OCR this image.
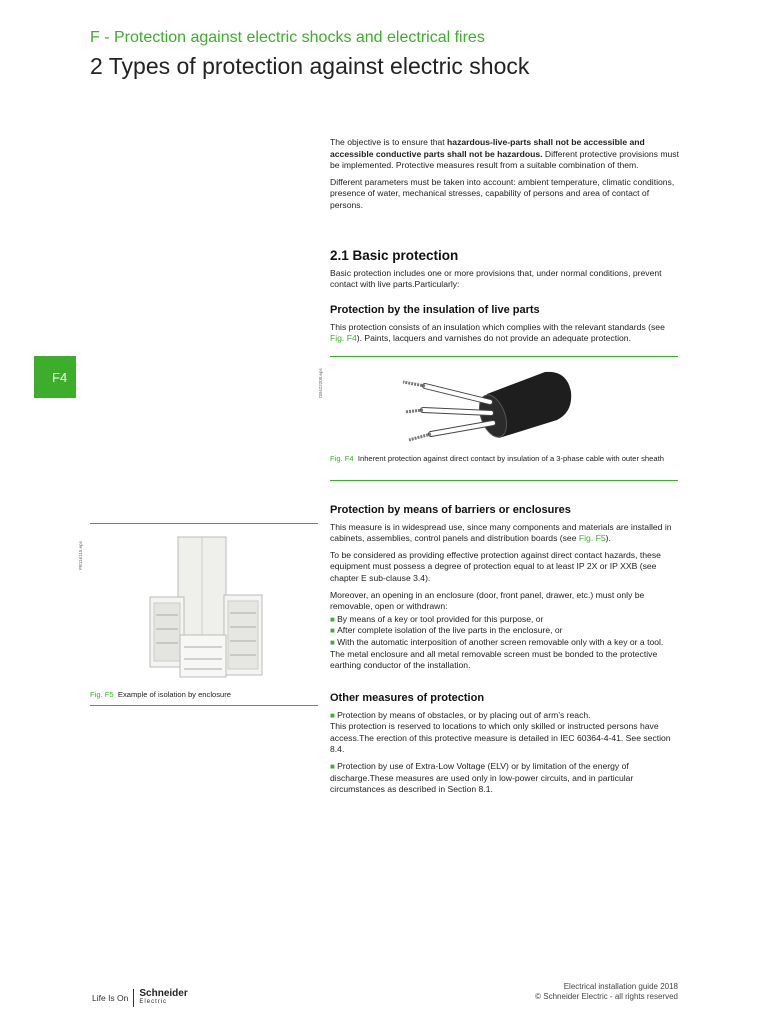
F - Protection against electric shocks and electrical fires
2 Types of protection against electric shock
F4

The objective is to ensure that hazardous-live-parts shall not be accessible and accessible conductive parts shall not be hazardous. Different protective provisions must be implemented. Protective measures result from a suitable combination of them.

Different parameters must be taken into account: ambient temperature, climatic conditions, presence of water, mechanical stresses, capability of persons and area of contact of persons.

2.1 Basic protection

Basic protection includes one or more provisions that, under normal conditions, prevent contact with live parts.Particularly:

Protection by the insulation of live parts

This protection consists of an insulation which complies with the relevant standards (see Fig. F4). Paints, lacquers and varnishes do not provide an adequate protection.

DB422205.eps
Fig. F4 Inherent protection against direct contact by insulation of a 3-phase cable with outer sheath
Protection by means of barriers or enclosures

This measure is in widespread use, since many components and materials are installed in cabinets, assemblies, control panels and distribution boards (see Fig. F5).

To be considered as providing effective protection against direct contact hazards, these equipment must possess a degree of protection equal to at least IP 2X or IP XXB (see chapter E sub-clause 3.4).

Moreover, an opening in an enclosure (door, front panel, drawer, etc.) must only be removable, open or withdrawn:

■ By means of a key or tool provided for this purpose, or
■ After complete isolation of the live parts in the enclosure, or
■ With the automatic interposition of another screen removable only with a key or a tool. The metal enclosure and all metal removable screen must be bonded to the protective earthing conductor of the installation.
PB116115.eps
Fig. F5 Example of isolation by enclosure	Other measures of protection
■ Protection by means of obstacles, or by placing out of arm’s reach.

This protection is reserved to locations to which only skilled or instructed persons have access.The erection of this protective measure is detailed in IEC 60364-4-41. See section 8.4.

■ Protection by use of Extra-Low Voltage (ELV) or by limitation of the energy of discharge.These measures are used only in low-power circuits, and in particular circumstances as described in Section 8.1.
Life Is On Schneider
Electric
Electrical installation guide 2018
© Schneider Electric - all rights reserved
